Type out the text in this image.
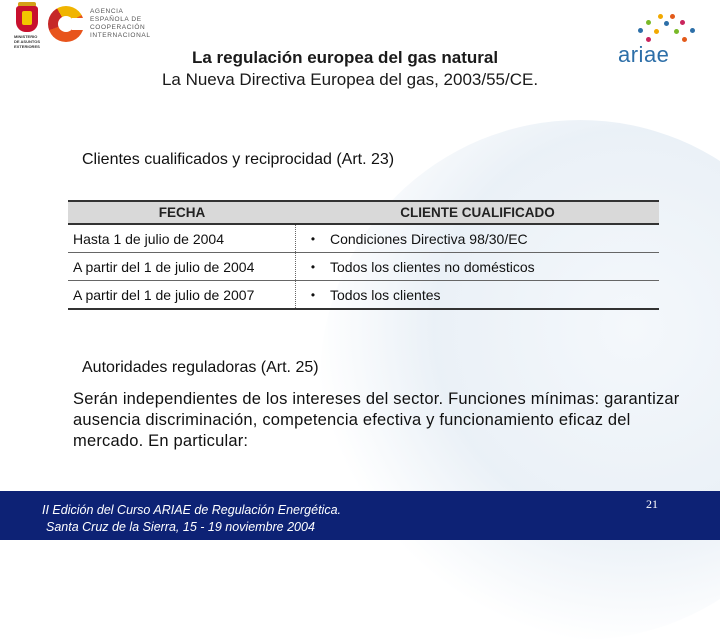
MINISTERIO
DE ASUNTOS
EXTERIORES
AGENCIA
ESPAÑOLA DE
COOPERACIÓN
INTERNACIONAL
ariae
La regulación europea del gas natural
La Nueva Directiva Europea del gas, 2003/55/CE.
Clientes cualificados y reciprocidad (Art. 23)
FECHA	CLIENTE CUALIFICADO
Hasta 1 de julio de 2004	•	Condiciones Directiva 98/30/EC
A partir del 1 de julio de 2004	•	Todos los clientes no domésticos
A partir del 1 de julio de 2007	•	Todos los clientes
Autoridades reguladoras (Art. 25)
Serán independientes de los intereses del sector. Funciones mínimas: garantizar ausencia discriminación, competencia efectiva y funcionamiento eficaz del mercado. En particular:
II Edición del Curso ARIAE de Regulación Energética.
Santa Cruz de la Sierra, 15 - 19 noviembre 2004
21
